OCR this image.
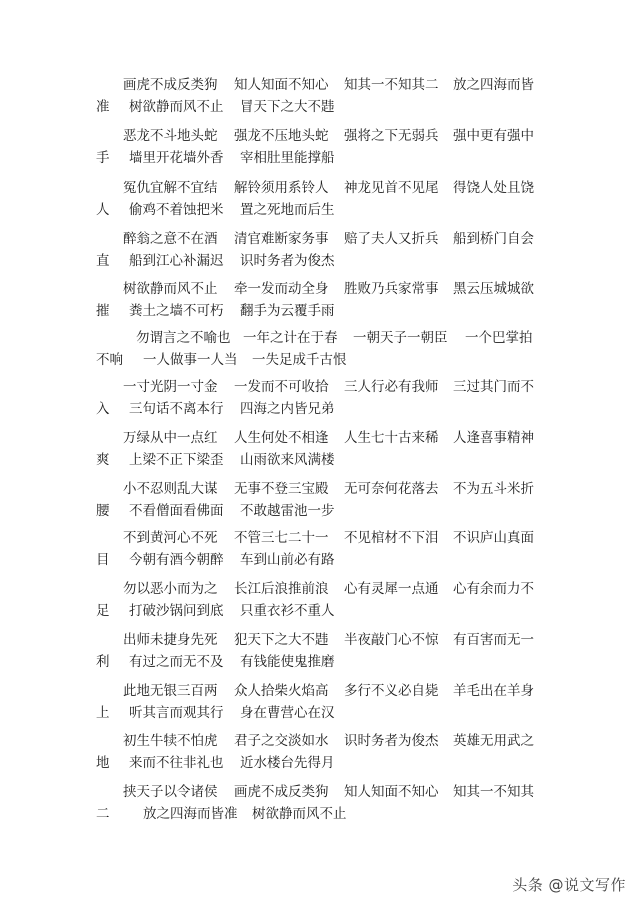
画虎不成反类狗 知人知面不知心 知其一不知其二 放之四海而皆
准 树欲静而风不止 冒天下之大不韪
恶龙不斗地头蛇 强龙不压地头蛇 强将之下无弱兵 强中更有强中
手 墙里开花墙外香 宰相肚里能撑船
冤仇宜解不宜结 解铃须用系铃人 神龙见首不见尾 得饶人处且饶
人 偷鸡不着蚀把米 置之死地而后生
醉翁之意不在酒 清官难断家务事 赔了夫人又折兵 船到桥门自会
直 船到江心补漏迟 识时务者为俊杰
树欲静而风不止 牵一发而动全身 胜败乃兵家常事 黑云压城城欲
摧 粪土之墙不可朽 翻手为云覆手雨
勿谓言之不喻也 一年之计在于春 一朝天子一朝臣 一个巴掌拍
不响 一人做事一人当 一失足成千古恨
一寸光阴一寸金 一发而不可收拾 三人行必有我师 三过其门而不
入 三句话不离本行 四海之内皆兄弟
万绿从中一点红 人生何处不相逢 人生七十古来稀 人逢喜事精神
爽 上梁不正下梁歪 山雨欲来风满楼
小不忍则乱大谋 无事不登三宝殿 无可奈何花落去 不为五斗米折
腰 不看僧面看佛面 不敢越雷池一步
不到黄河心不死 不管三七二十一 不见棺材不下泪 不识庐山真面
目 今朝有酒今朝醉 车到山前必有路
勿以恶小而为之 长江后浪推前浪 心有灵犀一点通 心有余而力不
足 打破沙锅问到底 只重衣衫不重人
出师未捷身先死 犯天下之大不韪 半夜敲门心不惊 有百害而无一
利 有过之而无不及 有钱能使鬼推磨
此地无银三百两 众人拾柴火焰高 多行不义必自毙 羊毛出在羊身
上 听其言而观其行 身在曹营心在汉
初生牛犊不怕虎 君子之交淡如水 识时务者为俊杰 英雄无用武之
地 来而不往非礼也 近水楼台先得月
挟天子以令诸侯 画虎不成反类狗 知人知面不知心 知其一不知其
二 放之四海而皆准 树欲静而风不止
头条 @说文写作
